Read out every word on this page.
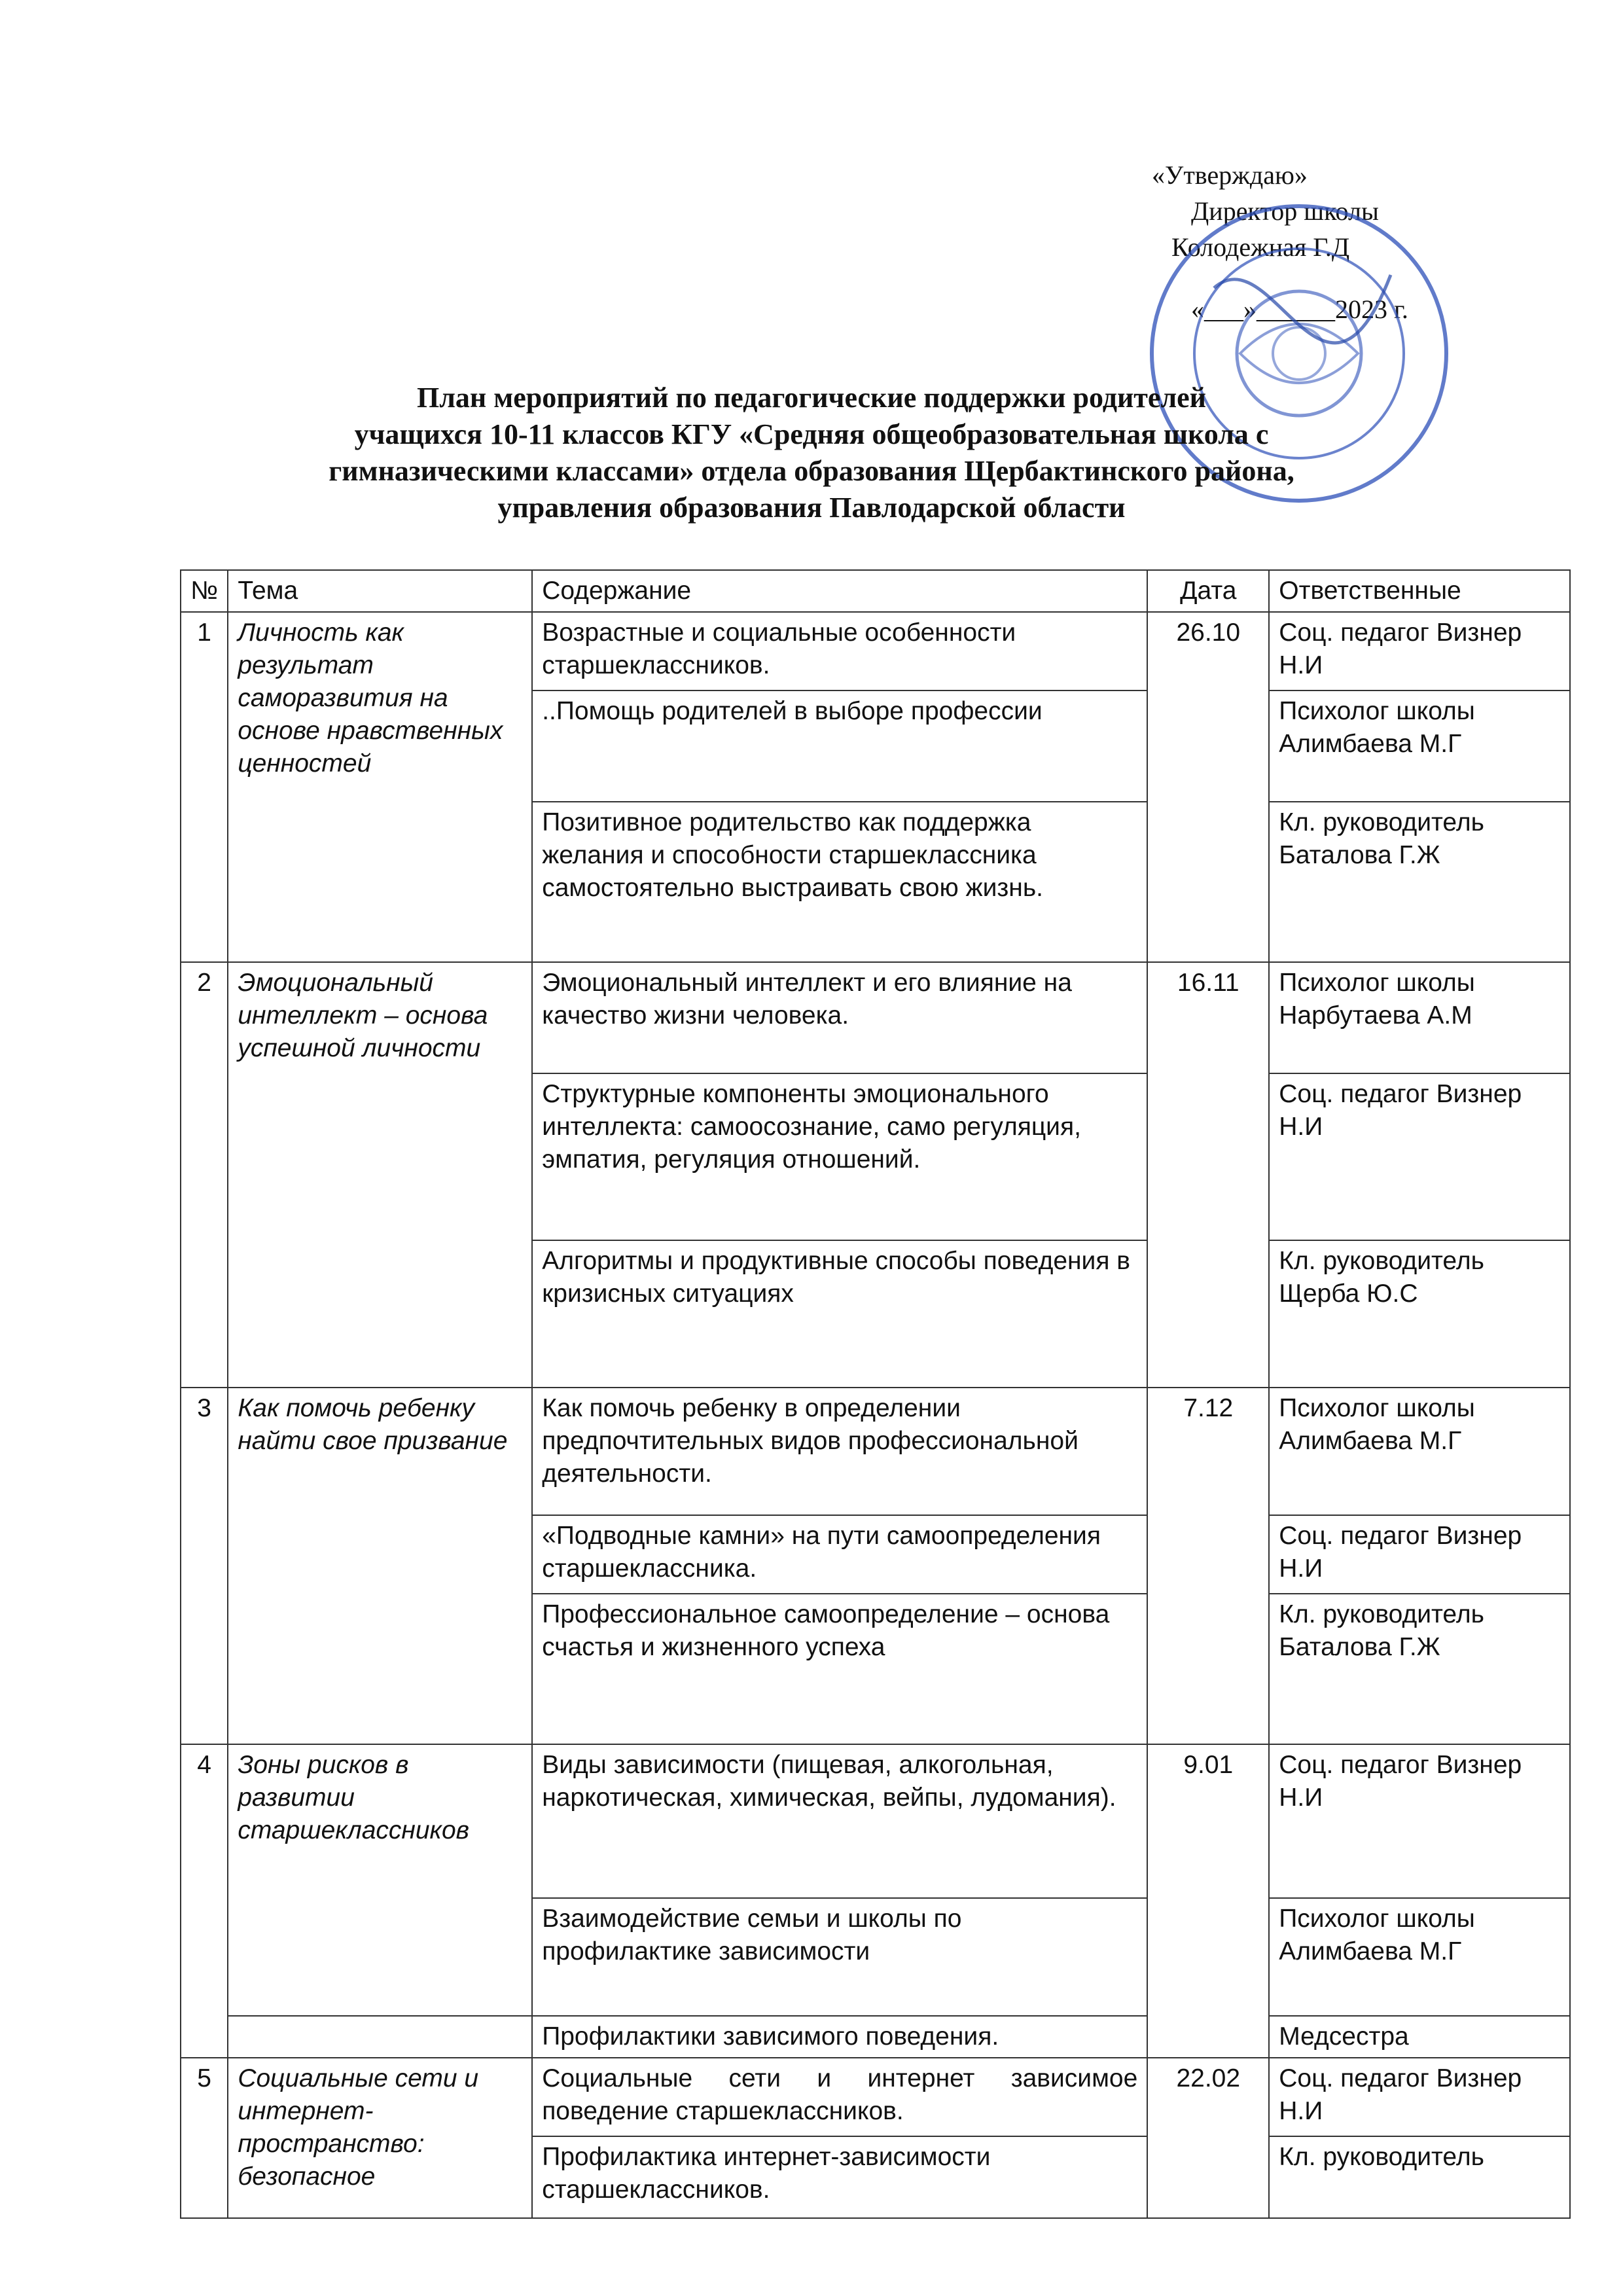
«Утверждаю»
Директор школы
Колодежная Г.Д
«___»______2023 г.
План мероприятий по педагогические поддержки родителей
учащихся 10-11 классов КГУ «Средняя общеобразовательная школа с
гимназическими классами» отдела образования Щербактинского района,
управления образования Павлодарской области
№	Тема	Содержание	Дата	Ответственные
1	Личность как результат саморазвития на основе нравственных ценностей	Возрастные и социальные особенности старшеклассников.	26.10	Соц. педагог Визнер Н.И
		..Помощь родителей в выборе профессии		Психолог школы Алимбаева М.Г
		Позитивное родительство как поддержка желания и способности старшеклассника самостоятельно выстраивать свою жизнь.		Кл. руководитель Баталова Г.Ж
2	Эмоциональный интеллект – основа успешной личности	Эмоциональный интеллект и его влияние на качество жизни человека.	16.11	Психолог школы Нарбутаева А.М
		Структурные компоненты эмоционального интеллекта: самоосознание, само регуляция, эмпатия, регуляция отношений.		Соц. педагог Визнер Н.И
		Алгоритмы и продуктивные способы поведения в кризисных ситуациях		Кл. руководитель Щерба Ю.С
3	Как помочь ребенку найти свое призвание	Как помочь ребенку в определении предпочтительных видов профессиональной деятельности.	7.12	Психолог школы Алимбаева М.Г
		«Подводные камни» на пути самоопределения старшеклассника.		Соц. педагог Визнер Н.И
		Профессиональное самоопределение – основа счастья и жизненного успеха		Кл. руководитель Баталова Г.Ж
4	Зоны рисков в развитии старшеклассников	Виды зависимости (пищевая, алкогольная, наркотическая, химическая, вейпы, лудомания).	9.01	Соц. педагог Визнер Н.И
		Взаимодействие семьи и школы по профилактике зависимости		Психолог школы Алимбаева М.Г
		Профилактики зависимого поведения.		Медсестра
5	Социальные сети и интернет-пространство: безопасное	Социальные сети и интернет зависимое поведение старшеклассников.	22.02	Соц. педагог Визнер Н.И
		Профилактика интернет-зависимости старшеклассников.		Кл. руководитель
